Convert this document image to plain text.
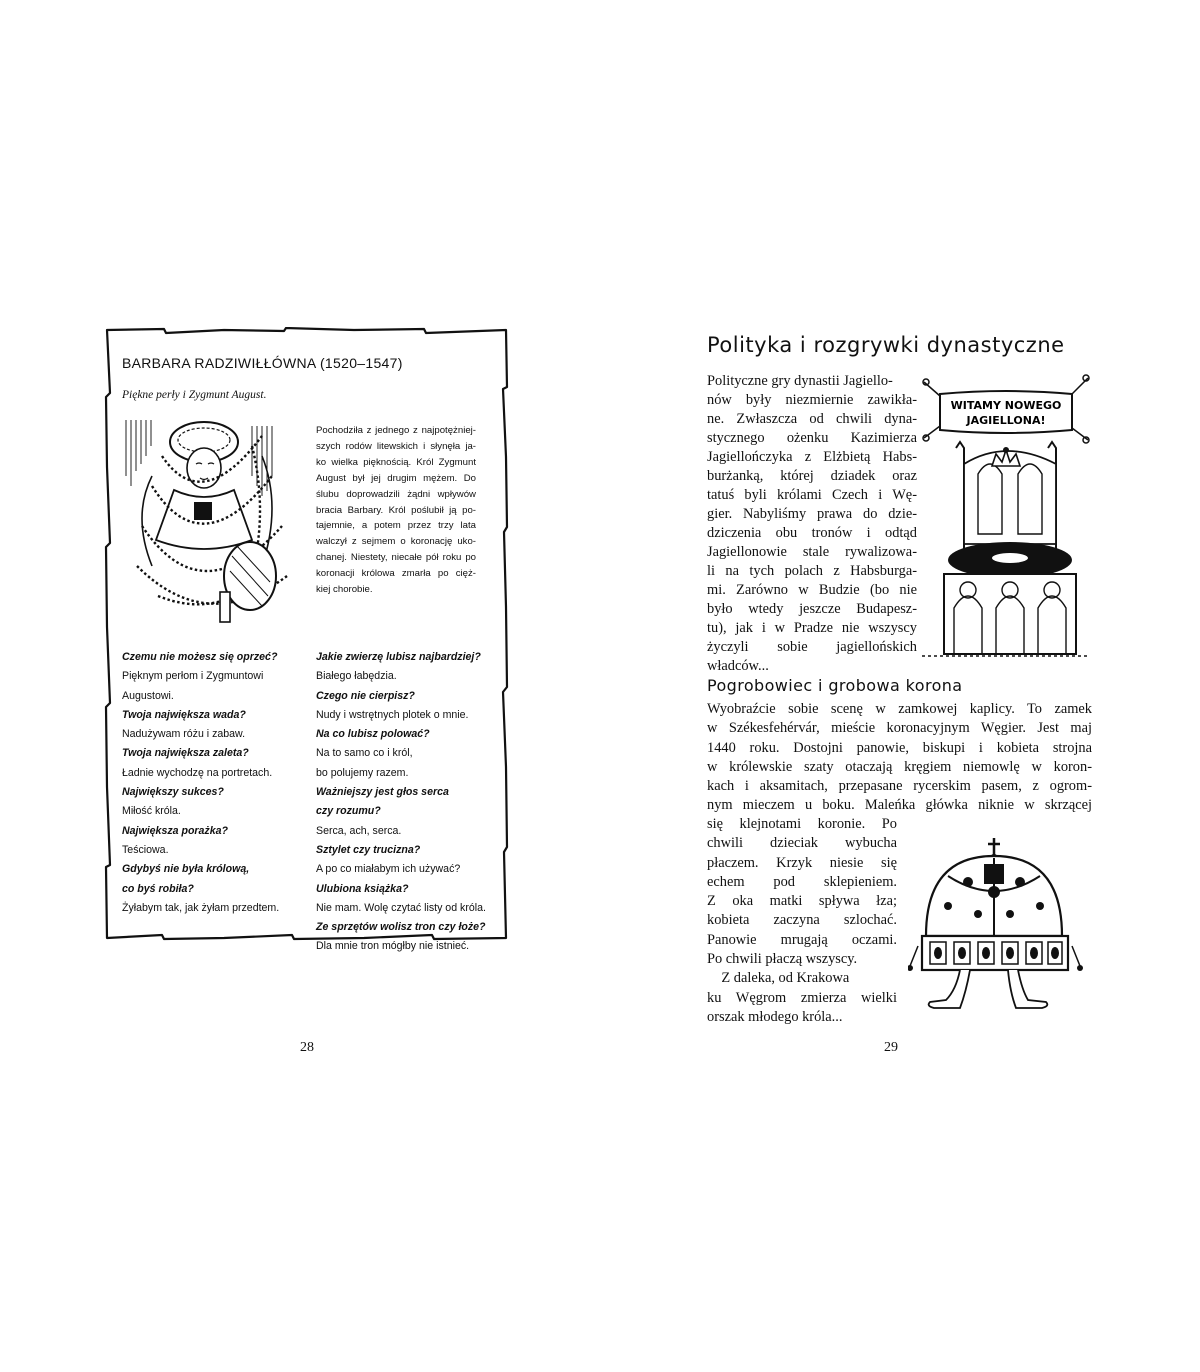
BARBARA RADZIWIŁŁÓWNA (1520–1547)
Piękne perły i Zygmunt August.
Pochodziła z jednego z najpotężniej-
szych rodów litewskich i słynęła ja-
ko wielka pięknością. Król Zygmunt
August był jej drugim mężem. Do
ślubu doprowadzili żądni wpływów
bracia Barbary. Król poślubił ją po-
tajemnie, a potem przez trzy lata
walczył z sejmem o koronację uko-
chanej. Niestety, niecałe pół roku po
koronacji królowa zmarła po cięż-
kiej chorobie.
Czemu nie możesz się oprzeć?
Pięknym perłom i Zygmuntowi
Augustowi.
Twoja największa wada?
Nadużywam różu i zabaw.
Twoja największa zaleta?
Ładnie wychodzę na portretach.
Największy sukces?
Miłość króla.
Największa porażka?
Teściowa.
Gdybyś nie była królową,
co byś robiła?
Żyłabym tak, jak żyłam przedtem.
Jakie zwierzę lubisz najbardziej?
Białego łabędzia.
Czego nie cierpisz?
Nudy i wstrętnych plotek o mnie.
Na co lubisz polować?
Na to samo co i król,
bo polujemy razem.
Ważniejszy jest głos serca
czy rozumu?
Serca, ach, serca.
Sztylet czy trucizna?
A po co miałabym ich używać?
Ulubiona książka?
Nie mam. Wolę czytać listy od króla.
Ze sprzętów wolisz tron czy łoże?
Dla mnie tron mógłby nie istnieć.
28
Polityka i rozgrywki dynastyczne
Polityczne gry dynastii Jagiello-
nów były niezmiernie zawikła-
ne. Zwłaszcza od chwili dyna-
stycznego ożenku Kazimierza
Jagiellończyka z Elżbietą Habs-
burżanką, której dziadek oraz
tatuś byli królami Czech i Wę-
gier. Nabyliśmy prawa do dzie-
dziczenia obu tronów i odtąd
Jagiellonowie stale rywalizowa-
li na tych polach z Habsburga-
mi. Zarówno w Budzie (bo nie
było wtedy jeszcze Budapesz-
tu), jak i w Pradze nie wszyscy
życzyli sobie jagiellońskich
władców...
WITAMY NOWEGO
JAGIELLONA!
Pogrobowiec i grobowa korona
Wyobraźcie sobie scenę w zamkowej kaplicy. To zamek
w Székesfehérvár, mieście koronacyjnym Węgier. Jest maj
1440 roku. Dostojni panowie, biskupi i kobieta strojna
w królewskie szaty otaczają kręgiem niemowlę w koron-
kach i aksamitach, przepasane rycerskim pasem, z ogrom-
nym mieczem u boku. Maleńka główka niknie w skrzącej
się klejnotami koronie. Po
chwili dzieciak wybucha
płaczem. Krzyk niesie się
echem pod sklepieniem.
Z oka matki spływa łza;
kobieta zaczyna szlochać.
Panowie mrugają oczami.
Po chwili płaczą wszyscy.
Z daleka, od Krakowa
ku Węgrom zmierza wielki
orszak młodego króla...
29
